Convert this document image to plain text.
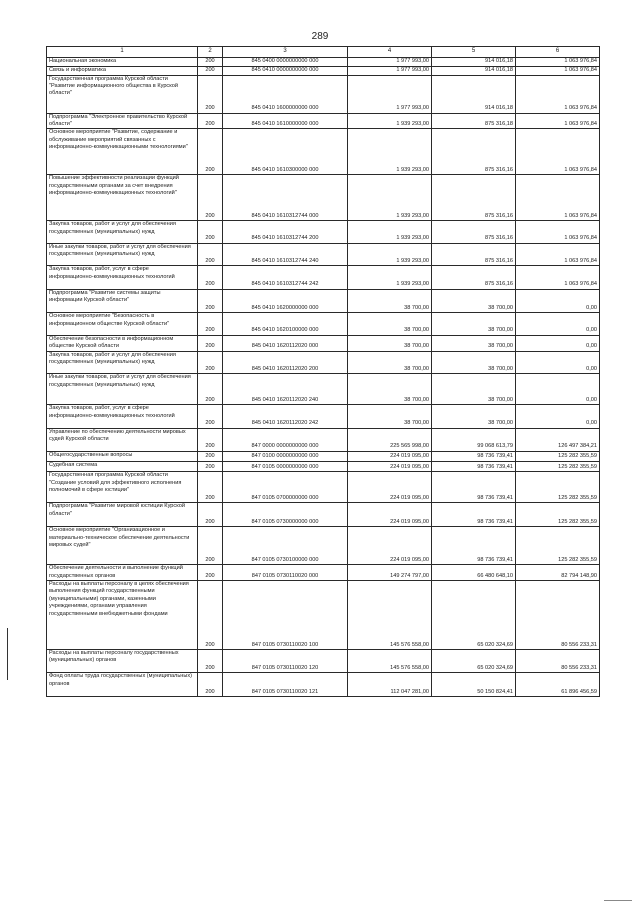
289
1	2	3	4	5	6
Национальная экономика	200	845 0400 0000000000 000	1 977 993,00	914 016,18	1 063 976,84
Связь и информатика	200	845 0410 0000000000 000	1 977 993,00	914 016,18	1 063 976,84
Государственная программа Курской области "Развитие информационного общества в Курской области"	200	845 0410 1600000000 000	1 977 993,00	914 016,18	1 063 976,84
Подпрограмма "Электронное правительство Курской области"	200	845 0410 1610000000 000	1 939 293,00	875 316,18	1 063 976,84
Основное мероприятие "Развитие, содержание и обслуживание мероприятий связанных с информационно-коммуникационными технологиями"	200	845 0410 1610300000 000	1 939 293,00	875 316,16	1 063 976,84
Повышение эффективности реализации функций государственными органами за счет внедрения информационно-коммуникационных технологий"	200	845 0410 1610312744 000	1 939 293,00	875 316,16	1 063 976,84
Закупка товаров, работ и услуг для обеспечения государственных (муниципальных) нужд	200	845 0410 1610312744 200	1 939 293,00	875 316,16	1 063 976,84
Иные закупки товаров, работ и услуг для обеспечения государственных (муниципальных) нужд	200	845 0410 1610312744 240	1 939 293,00	875 316,16	1 063 976,84
Закупка товаров, работ, услуг в сфере информационно-коммуникационных технологий	200	845 0410 1610312744 242	1 939 293,00	875 316,16	1 063 976,84
Подпрограмма "Развитие системы защиты информации Курской области"	200	845 0410 1620000000 000	38 700,00	38 700,00	0,00
Основное мероприятие "Безопасность в информационном обществе Курской области"	200	845 0410 1620100000 000	38 700,00	38 700,00	0,00
Обеспечение безопасности в информационном обществе Курской области	200	845 0410 1620112020 000	38 700,00	38 700,00	0,00
Закупка товаров, работ и услуг для обеспечения государственных (муниципальных) нужд	200	845 0410 1620112020 200	38 700,00	38 700,00	0,00
Иные закупки товаров, работ и услуг для обеспечения государственных (муниципальных) нужд	200	845 0410 1620112020 240	38 700,00	38 700,00	0,00
Закупка товаров, работ, услуг в сфере информационно-коммуникационных технологий	200	845 0410 1620112020 242	38 700,00	38 700,00	0,00
Управление по обеспечению деятельности мировых судей Курской области	200	847 0000 0000000000 000	225 565 998,00	99 068 613,79	126 497 384,21
Общегосударственные вопросы	200	847 0100 0000000000 000	224 019 095,00	98 736 739,41	125 282 355,59
Судебная система	200	847 0105 0000000000 000	224 019 095,00	98 736 739,41	125 282 355,59
Государственная программа Курской области "Создание условий для эффективного исполнения полномочий в сфере юстиции"	200	847 0105 0700000000 000	224 019 095,00	98 736 739,41	125 282 355,59
Подпрограмма "Развитие мировой юстиции Курской области"	200	847 0105 0730000000 000	224 019 095,00	98 736 739,41	125 282 355,59
Основное мероприятие "Организационное и материально-техническое обеспечение деятельности мировых судей"	200	847 0105 0730100000 000	224 019 095,00	98 736 739,41	125 282 355,59
Обеспечение деятельности и выполнение функций государственных органов	200	847 0105 0730110020 000	149 274 797,00	66 480 648,10	82 794 148,90
Расходы на выплаты персоналу в целях обеспечения выполнения функций государственными (муниципальными) органами, казенными учреждениями, органами управления государственными внебюджетными фондами	200	847 0105 0730110020 100	145 576 558,00	65 020 324,69	80 556 233,31
Расходы на выплаты персоналу государственных (муниципальных) органов	200	847 0105 0730110020 120	145 576 558,00	65 020 324,69	80 556 233,31
Фонд оплаты труда государственных (муниципальных) органов	200	847 0105 0730110020 121	112 047 281,00	50 150 824,41	61 896 456,59
